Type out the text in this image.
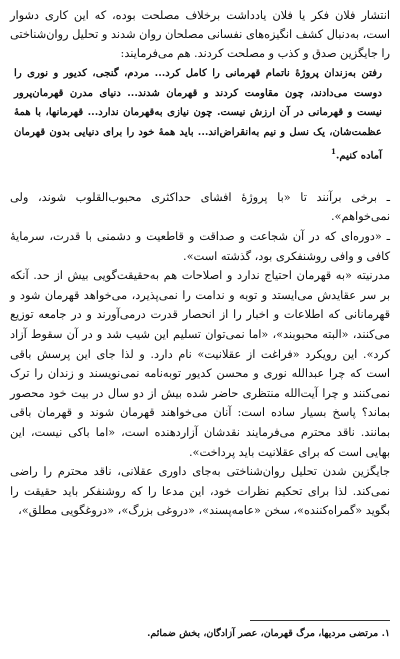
انتشار فلان فکر یا فلان یادداشت برخلاف مصلحت بوده، که این کاری دشوار است، به‌دنبال کشف انگیزه‌های نفسانی مصلحان روان شدند و تحلیل روان‌شناختی را جایگزین صدق و کذب و مصلحت کردند. هم می‌فرمایند:

رفتن به‌زندان پروژهٔ ناتمام قهرمانی را کامل کرد... مردم، گنجی، کدیور و نوری را دوست می‌دادند، چون مقاومت کردند و قهرمان شدند... دنیای مدرن قهرمان‌پرور نیست و قهرمانی در آن ارزش نیست. چون نیازی به‌قهرمان ندارد... قهرمانها، با همهٔ عظمت‌شان، یک نسل و نیم به‌انقراض‌اند... باید همهٔ خود را برای دنیایی بدون قهرمان آماده کنیم.$^1$

ـ برخی برآنند تا «با پروژهٔ افشای حداکثری محبوب‌القلوب شوند، ولی نمی‌خواهم».

ـ «دوره‌ای که در آن شجاعت و صداقت و قاطعیت و دشمنی با قدرت، سرمایهٔ کافی و وافی روشنفکری بود، گذشته است».

مدرنیته «به قهرمان احتیاج ندارد و اصلاحات هم به‌حقیقت‌گویی بیش از حد. آنکه بر سر عقایدش می‌ایستد و توبه و ندامت را نمی‌پذیرد، می‌خواهد قهرمان شود و قهرمانانی که اطلاعات و اخبار را از انحصار قدرت درمی‌آورند و در جامعه توزیع می‌کنند، «البته محبوبند»، «اما نمی‌توان تسلیم این شیب شد و در آن سقوط آزاد کرد». این رویکرد «فراغت از عقلانیت» نام دارد. و لذا جای این پرسش باقی است که چرا عبدالله نوری و محسن کدیور توبه‌نامه نمی‌نویسند و زندان را ترک نمی‌کنند و چرا آیت‌الله منتظری حاضر شده بیش از دو سال در بیت خود محصور بماند؟ پاسخ بسیار ساده است: آنان می‌خواهند قهرمان شوند و قهرمان باقی بمانند. ناقد محترم می‌فرمایند نقدشان آزاردهنده است، «اما باکی نیست، این بهایی است که برای عقلانیت باید پرداخت».

جایگزین شدن تحلیل روان‌شناختی به‌جای داوری عقلانی، ناقد محترم را راضی نمی‌کند. لذا برای تحکیم نظرات خود، این مدعا را که روشنفکر باید حقیقت را بگوید «گمراه‌کننده»، سخن «عامه‌پسند»، «دروغی بزرگ»، «دروغگویی مطلق»،

۱. مرتضی مردیها، مرگ قهرمان، عصر آزادگان، بخش ضمائم.
